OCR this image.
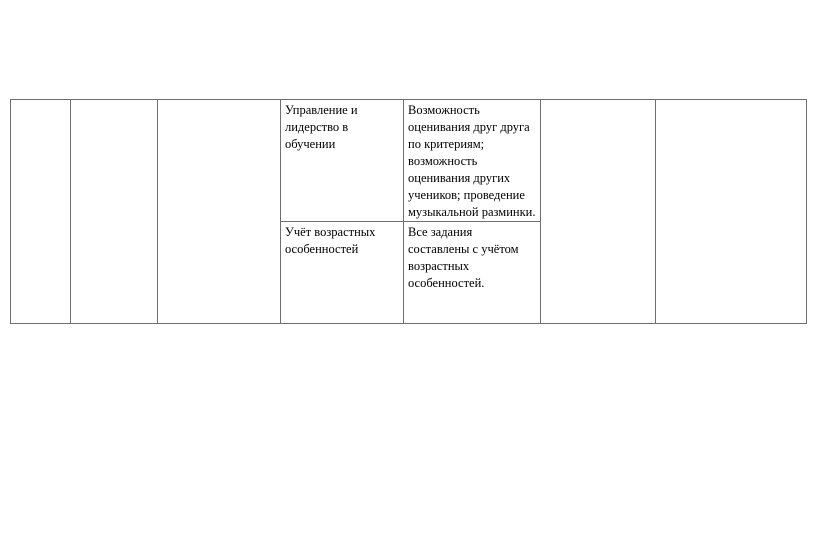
			Управление и лидерство в обучении	Возможность оценивания друг друга по критериям; возможность оценивания других учеников; проведение музыкальной разминки.		

			Учёт возрастных особенностей	Все задания составлены с учётом возрастных особенностей.		
